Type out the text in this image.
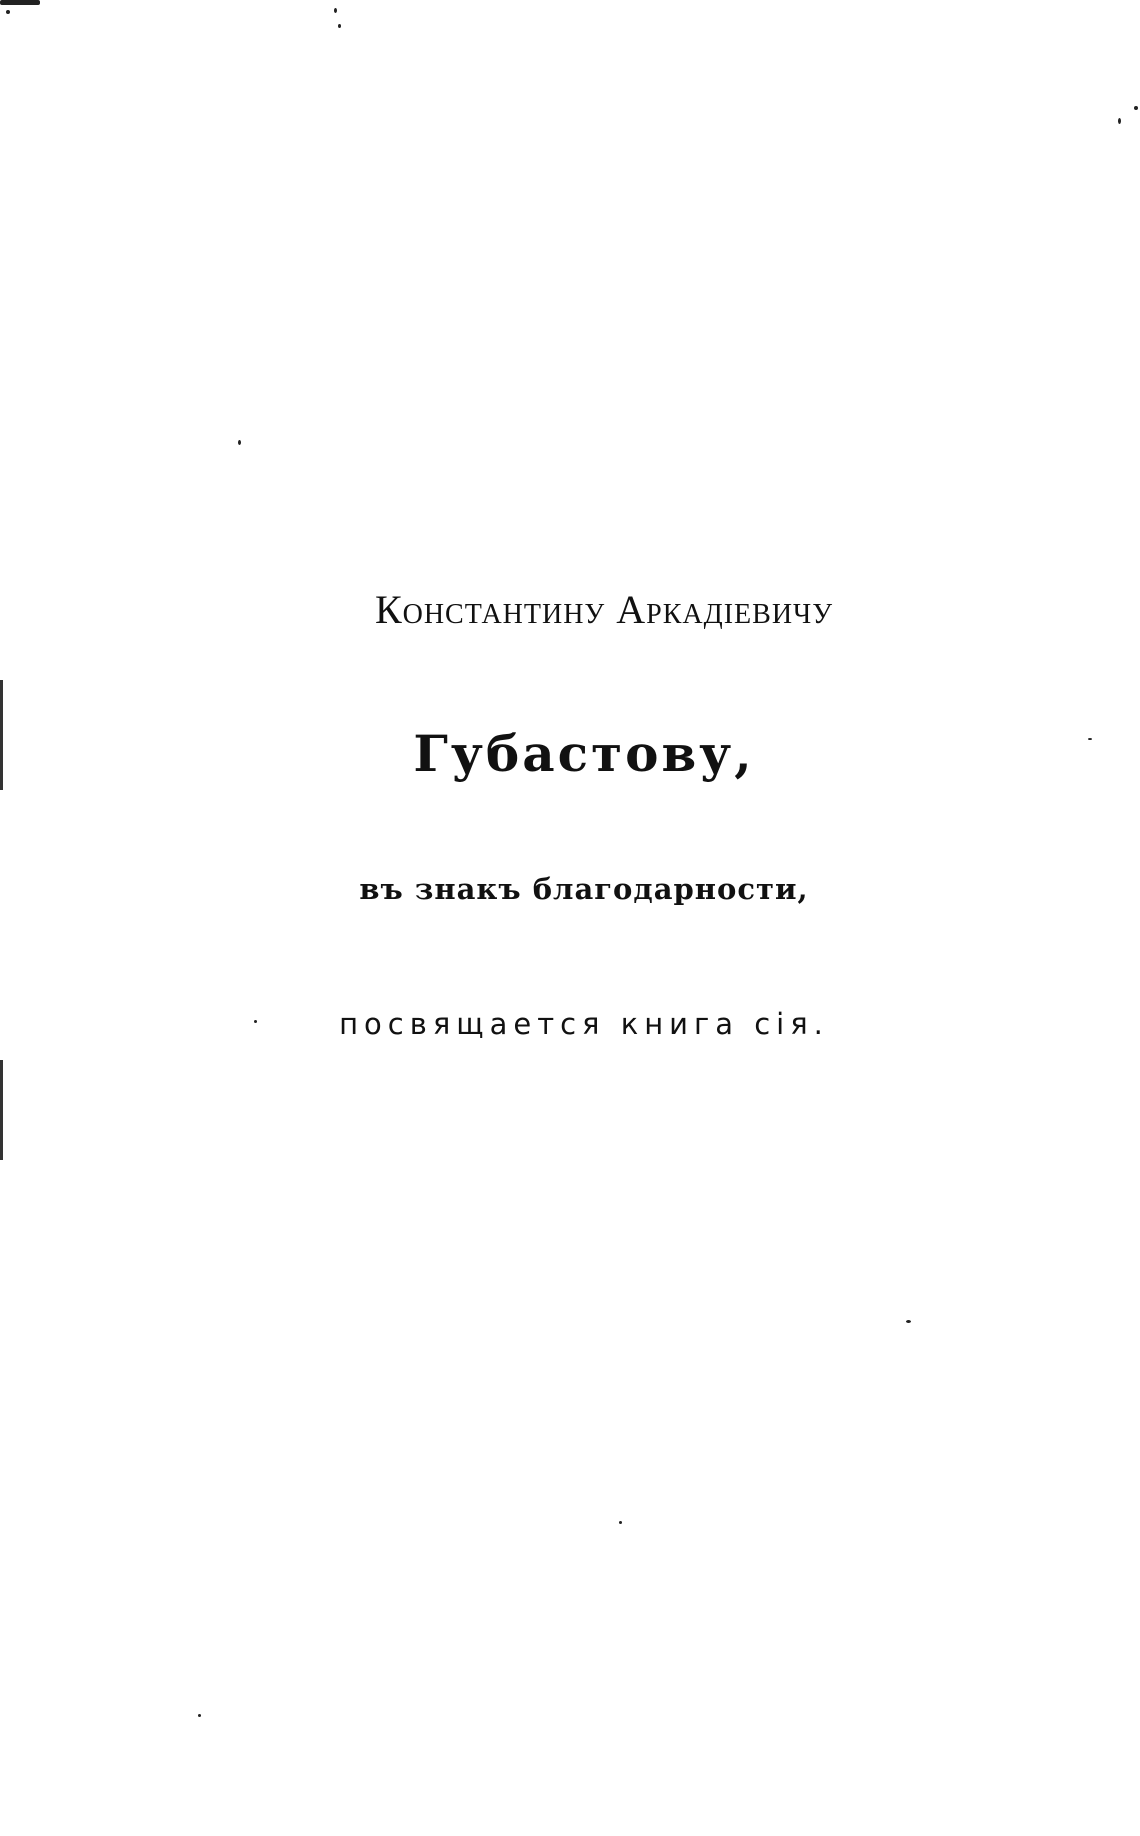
Константину Аркадіевичу
Губастову,
въ знакъ благодарности,
посвящается книга сія.
